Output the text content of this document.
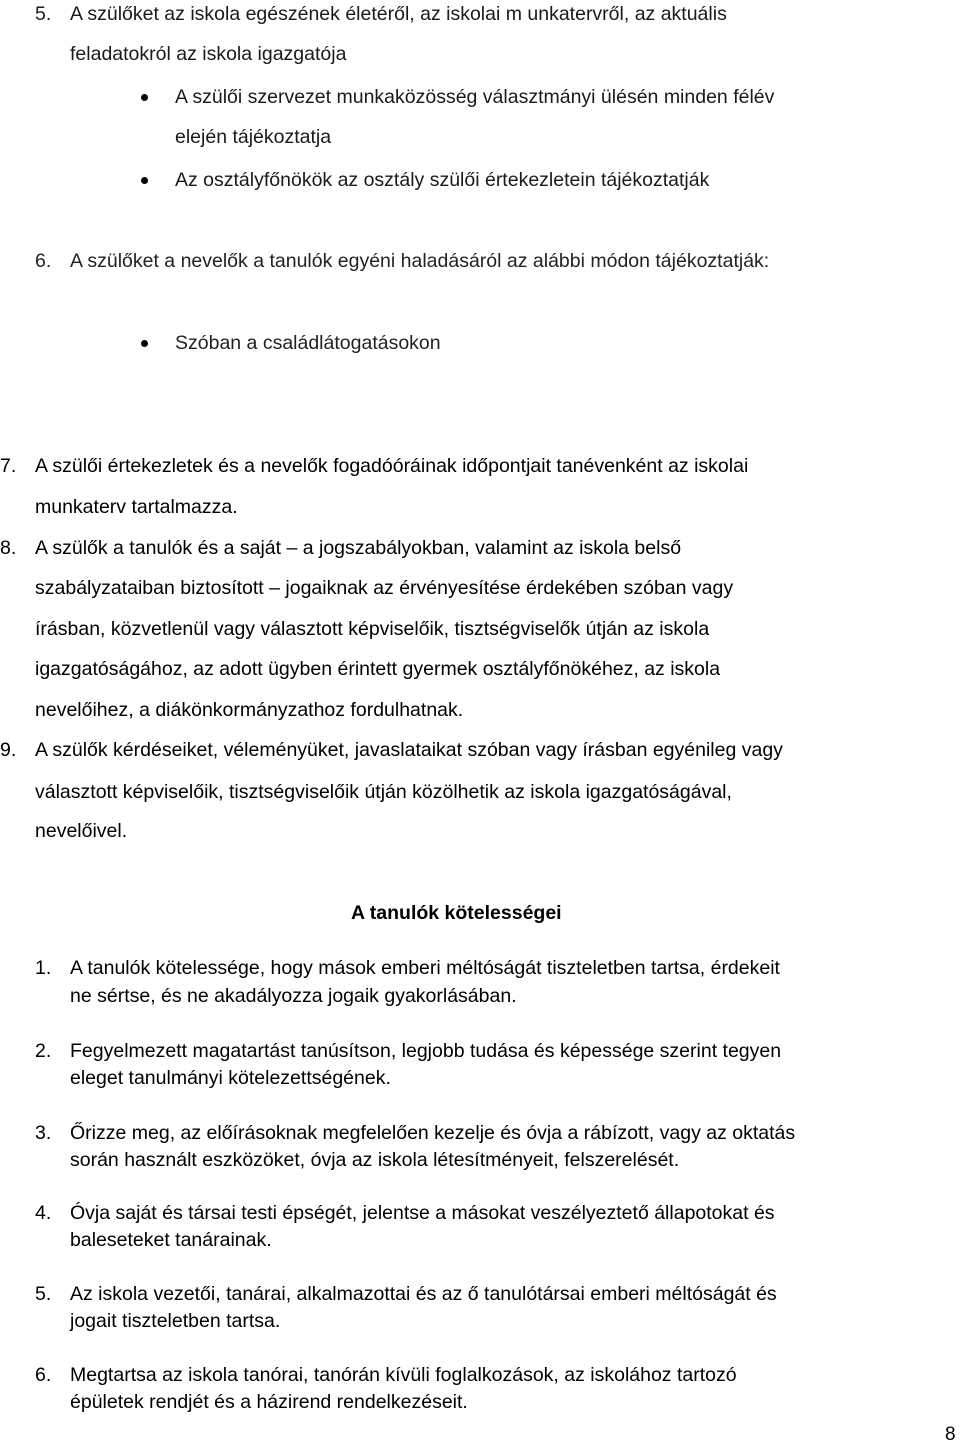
5. A szülőket az iskola egészének életéről, az iskolai m unkatervről, az aktuális
feladatokról az iskola igazgatója
A szülői szervezet munkaközösség választmányi ülésén minden félév
elején tájékoztatja
Az osztályfőnökök az osztály szülői értekezletein tájékoztatják
6. A szülőket a nevelők a tanulók egyéni haladásáról az alábbi módon tájékoztatják:
Szóban a családlátogatásokon
7. A szülői értekezletek és a nevelők fogadóóráinak időpontjait tanévenként az iskolai
munkaterv tartalmazza.
8. A szülők a tanulók és a saját – a jogszabályokban, valamint az iskola belső
szabályzataiban biztosított – jogaiknak az érvényesítése érdekében szóban vagy
írásban, közvetlenül vagy választott képviselőik, tisztségviselők útján az iskola
igazgatóságához, az adott ügyben érintett gyermek osztályfőnökéhez, az iskola
nevelőihez, a diákönkormányzathoz fordulhatnak.
9. A szülők kérdéseiket, véleményüket, javaslataikat szóban vagy írásban egyénileg vagy
választott képviselőik, tisztségviselőik útján közölhetik az iskola igazgatóságával,
nevelőivel.
A tanulók kötelességei
1. A tanulók kötelessége, hogy mások emberi méltóságát tiszteletben tartsa, érdekeit
ne sértse, és ne akadályozza jogaik gyakorlásában.
2. Fegyelmezett magatartást tanúsítson, legjobb tudása és képessége szerint tegyen
eleget tanulmányi kötelezettségének.
3. Őrizze meg, az előírásoknak megfelelően kezelje és óvja a rábízott, vagy az oktatás
során használt eszközöket, óvja az iskola létesítményeit, felszerelését.
4. Óvja saját és társai testi épségét, jelentse a másokat veszélyeztető állapotokat és
baleseteket tanárainak.
5. Az iskola vezetői, tanárai, alkalmazottai és az ő tanulótársai emberi méltóságát és
jogait tiszteletben tartsa.
6. Megtartsa az iskola tanórai, tanórán kívüli foglalkozások, az iskolához tartozó
épületek rendjét és a házirend rendelkezéseit.
8
